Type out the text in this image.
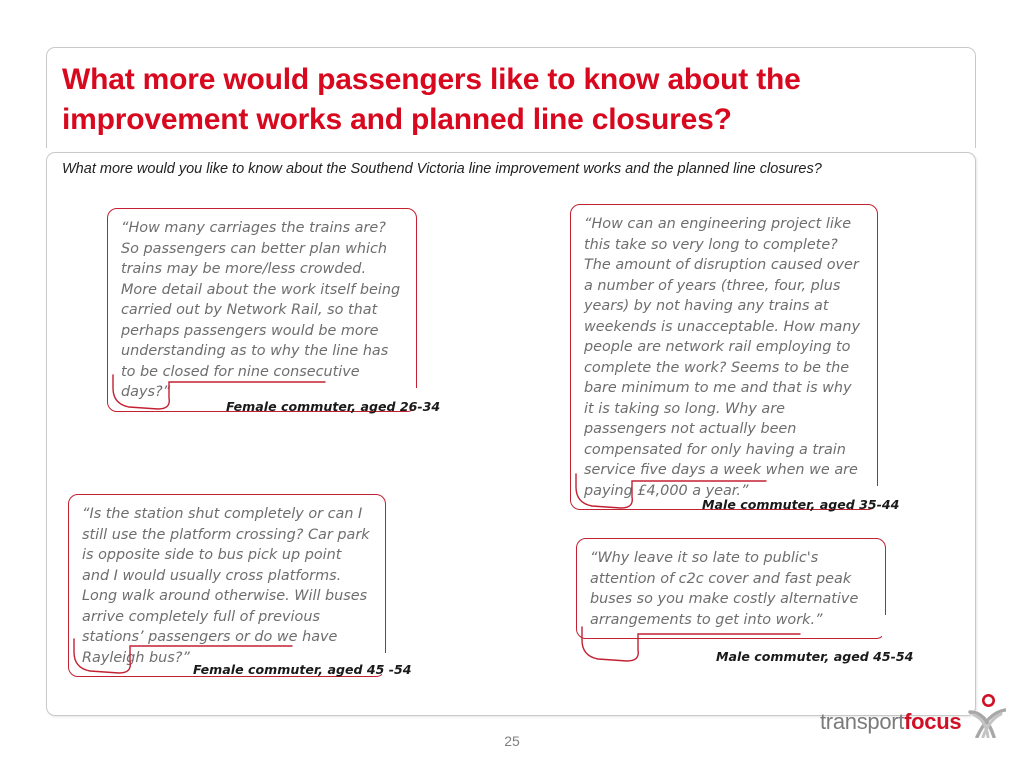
What more would passengers like to know about the improvement works and planned line closures?
What more would you like to know about the Southend Victoria line improvement works and the planned line closures?
“How many carriages the trains are? So passengers can better plan which trains may be more/less crowded. More detail about the work itself being carried out by Network Rail, so that perhaps passengers would be more understanding as to why the line has to be closed for nine consecutive days?”
Female commuter, aged 26-34
“How can an engineering project like this take so very long to complete? The amount of disruption caused over a number of years (three, four, plus years) by not having any trains at weekends is unacceptable. How many people are network rail employing to complete the work? Seems to be the bare minimum to me and that is why it is taking so long. Why are passengers not actually been compensated for only having a train service five days a week when we are paying £4,000 a year.”
Male commuter, aged 35-44
“Is the station shut completely or can I still use the platform crossing? Car park is opposite side to bus pick up point and I would usually cross platforms. Long walk around otherwise. Will buses arrive completely full of previous stations’ passengers or do we have Rayleigh bus?”
Female commuter, aged 45 -54
“Why leave it so late to public's attention of c2c cover and fast peak buses so you make costly alternative arrangements to get into work.”
Male commuter, aged 45-54
25
transport focus
